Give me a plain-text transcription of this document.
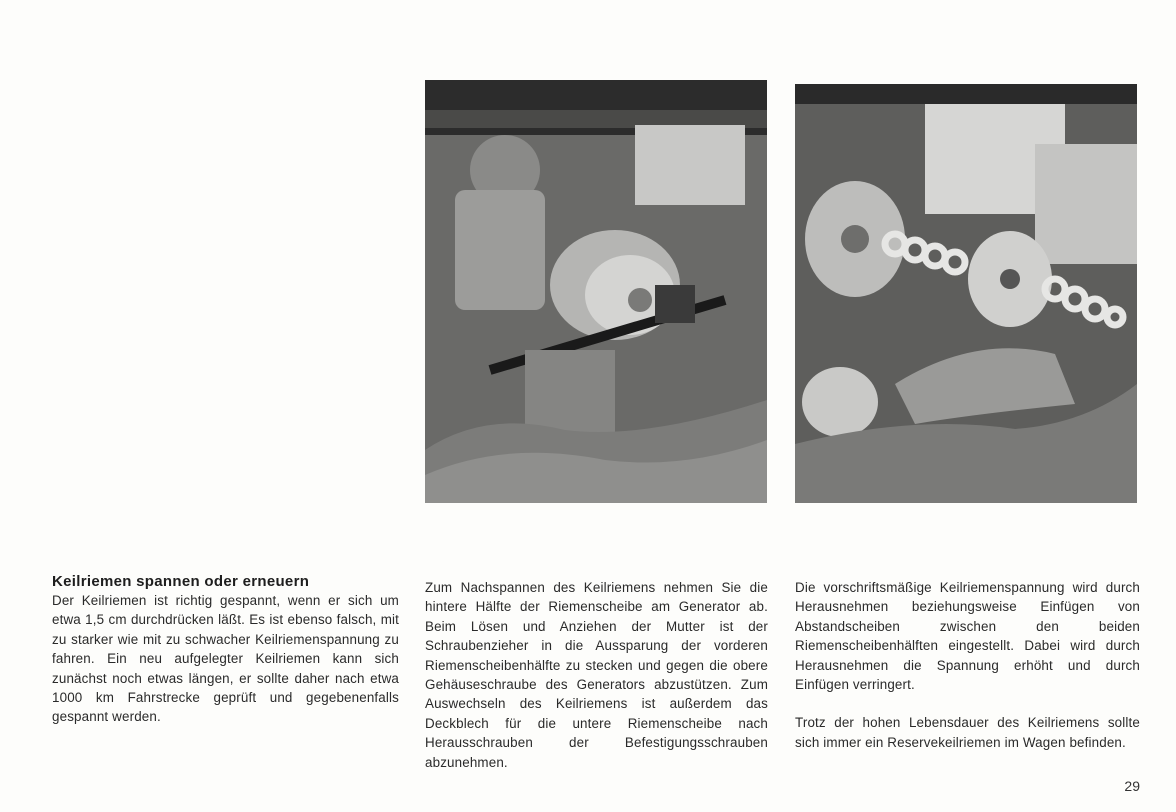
Keilriemen spannen oder erneuern

Der Keilriemen ist richtig gespannt, wenn er sich um etwa 1,5 cm durchdrücken läßt. Es ist ebenso falsch, mit zu starker wie mit zu schwacher Keilriemenspannung zu fahren. Ein neu aufgelegter Keilriemen kann sich zunächst noch etwas längen, er sollte daher nach etwa 1000 km Fahrstrecke geprüft und gegebenenfalls gespannt werden.

Zum Nachspannen des Keilriemens nehmen Sie die hintere Hälfte der Riemenscheibe am Generator ab. Beim Lösen und Anziehen der Mutter ist der Schraubenzieher in die Aussparung der vorderen Riemenscheibenhälfte zu stecken und gegen die obere Gehäuseschraube des Generators abzustützen. Zum Auswechseln des Keilriemens ist außerdem das Deckblech für die untere Riemenscheibe nach Herausschrauben der Befestigungsschrauben abzunehmen.

Die vorschriftsmäßige Keilriemenspannung wird durch Herausnehmen beziehungsweise Einfügen von Abstandscheiben zwischen den beiden Riemenscheibenhälften eingestellt. Dabei wird durch Herausnehmen die Spannung erhöht und durch Einfügen verringert.

Trotz der hohen Lebensdauer des Keilriemens sollte sich immer ein Reservekeilriemen im Wagen befinden.

29
